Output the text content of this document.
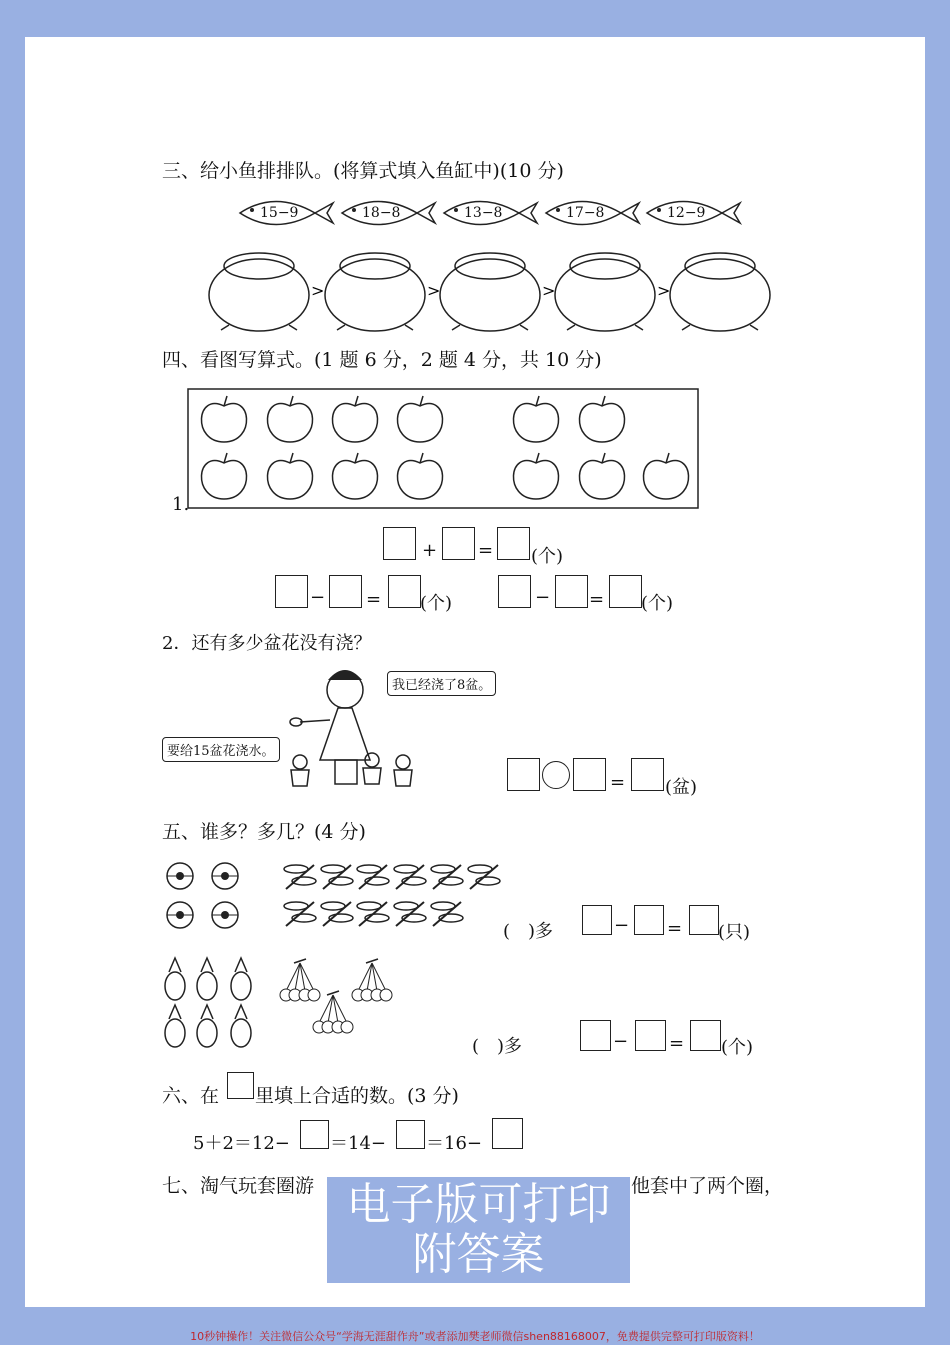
三、给小鱼排排队。(将算式填入鱼缸中)(10 分)
>	>	>	>
15−9	18−8	13−8	17−8	12−9
四、看图写算式。(1 题 6 分，2 题 4 分，共 10 分)
1.
+ = (个)
− = (个)	− = (个)
2．还有多少盆花没有浇？
我已经浇了8盆。
要给15盆花浇水。
= (盆)
五、谁多？多几？(4 分)
(　)多	− = (只)
(　)多	− = (个)
六、在 里填上合适的数。(3 分)
5＋2＝12− ＝14− ＝16−
七、淘气玩套圈游	他套中了两个圈，
电子版可打印
附答案
10秒钟操作！关注微信公众号“学海无涯甜作舟”或者添加樊老师微信shen88168007，免费提供完整可打印版资料！
